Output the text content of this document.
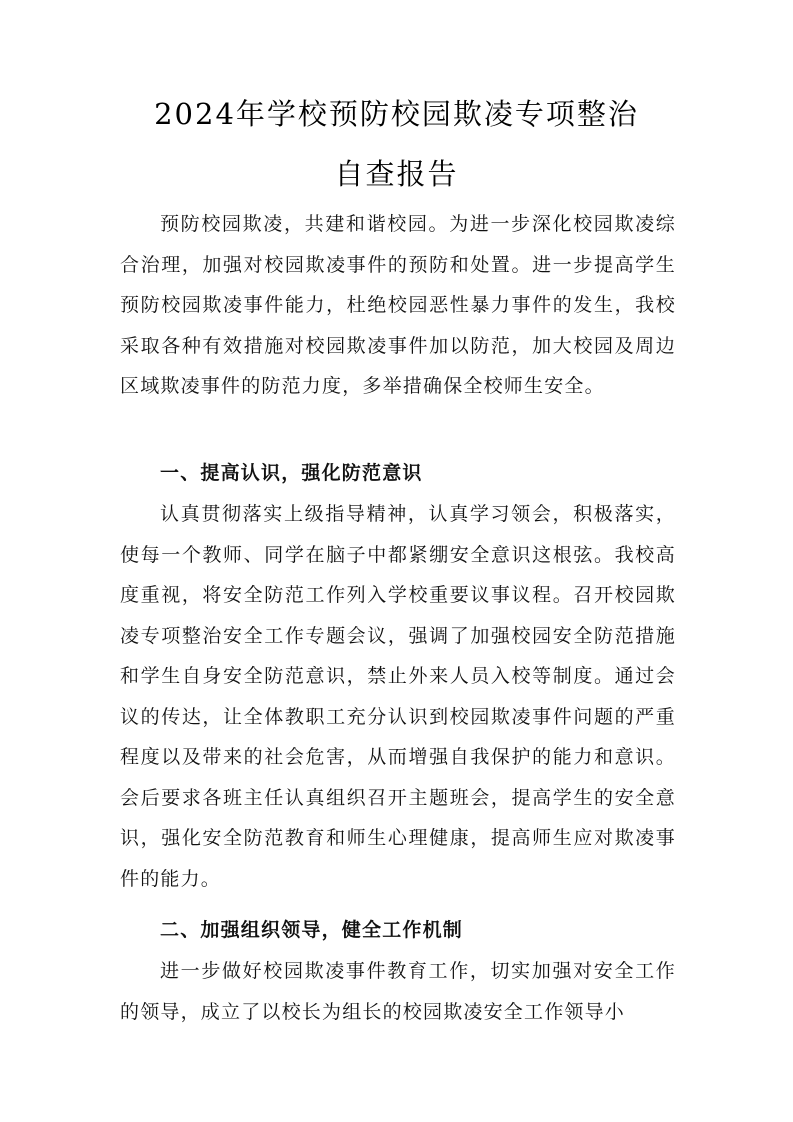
2024年学校预防校园欺凌专项整治
自查报告

预防校园欺凌，共建和谐校园。为进一步深化校园欺凌综合治理，加强对校园欺凌事件的预防和处置。进一步提高学生预防校园欺凌事件能力，杜绝校园恶性暴力事件的发生，我校采取各种有效措施对校园欺凌事件加以防范，加大校园及周边区域欺凌事件的防范力度，多举措确保全校师生安全。

一、提高认识，强化防范意识

认真贯彻落实上级指导精神，认真学习领会，积极落实，使每一个教师、同学在脑子中都紧绷安全意识这根弦。我校高度重视，将安全防范工作列入学校重要议事议程。召开校园欺凌专项整治安全工作专题会议，强调了加强校园安全防范措施和学生自身安全防范意识，禁止外来人员入校等制度。通过会议的传达，让全体教职工充分认识到校园欺凌事件问题的严重程度以及带来的社会危害，从而增强自我保护的能力和意识。会后要求各班主任认真组织召开主题班会，提高学生的安全意识，强化安全防范教育和师生心理健康，提高师生应对欺凌事件的能力。

二、加强组织领导，健全工作机制

进一步做好校园欺凌事件教育工作，切实加强对安全工作的领导，成立了以校长为组长的校园欺凌安全工作领导小
